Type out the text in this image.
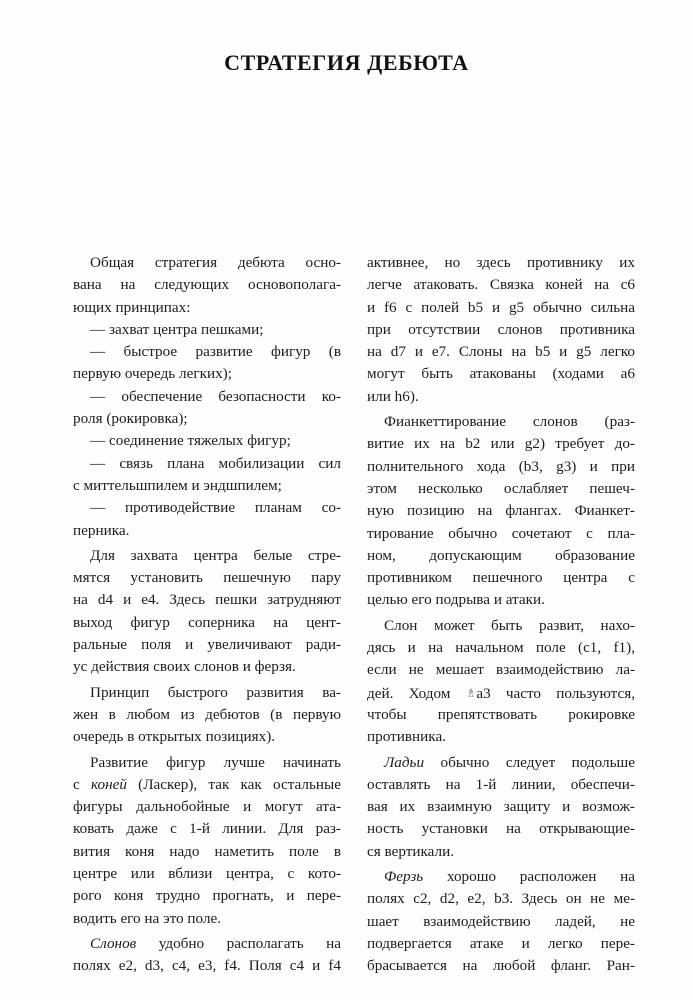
СТРАТЕГИЯ ДЕБЮТА
Общая стратегия дебюта осно-
вана на следующих основополага-
ющих принципах:
— захват центра пешками;
— быстрое развитие фигур (в
первую очередь легких);
— обеспечение безопасности ко-
роля (рокировка);
— соединение тяжелых фигур;
— связь плана мобилизации сил
с миттельшпилем и эндшпилем;
— противодействие планам со-
перника.
Для захвата центра белые стре-
мятся установить пешечную пару
на d4 и е4. Здесь пешки затрудняют
выход фигур соперника на цент-
ральные поля и увеличивают ради-
ус действия своих слонов и ферзя.
Принцип быстрого развития ва-
жен в любом из дебютов (в первую
очередь в открытых позициях).
Развитие фигур лучше начинать
с коней (Ласкер), так как остальные
фигуры дальнобойные и могут ата-
ковать даже с 1-й линии. Для раз-
вития коня надо наметить поле в
центре или вблизи центра, с кото-
рого коня трудно прогнать, и пере-
водить его на это поле.
Слонов удобно располагать на
полях е2, d3, с4, е3, f4. Поля с4 и f4
активнее, но здесь противнику их
легче атаковать. Связка коней на с6
и f6 с полей b5 и g5 обычно сильна
при отсутствии слонов противника
на d7 и е7. Слоны на b5 и g5 легко
могут быть атакованы (ходами а6
или h6).
Фианкеттирование слонов (раз-
витие их на b2 или g2) требует до-
полнительного хода (b3, g3) и при
этом несколько ослабляет пешеч-
ную позицию на флангах. Фианкет-
тирование обычно сочетают с пла-
ном, допускающим образование
противником пешечного центра с
целью его подрыва и атаки.
Слон может быть развит, нахо-
дясь и на начальном поле (с1, f1),
если не мешает взаимодействию ла-
дей. Ходом ♗а3 часто пользуются,
чтобы препятствовать рокировке
противника.
Ладьи обычно следует подольше
оставлять на 1-й линии, обеспечи-
вая их взаимную защиту и возмож-
ность установки на открывающие-
ся вертикали.
Ферзь хорошо расположен на
полях с2, d2, е2, b3. Здесь он не ме-
шает взаимодействию ладей, не
подвергается атаке и легко пере-
брасывается на любой фланг. Ран-
